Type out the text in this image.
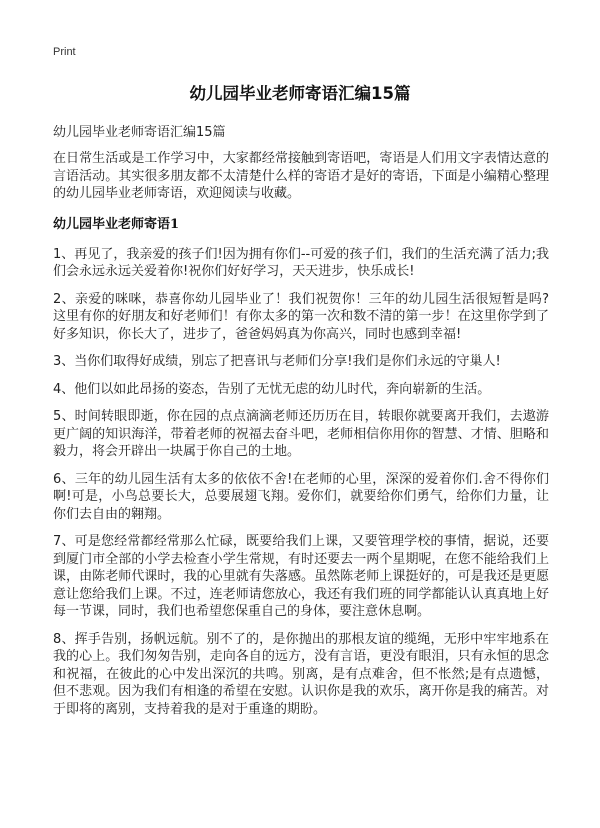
Print
幼儿园毕业老师寄语汇编15篇

幼儿园毕业老师寄语汇编15篇

在日常生活或是工作学习中，大家都经常接触到寄语吧，寄语是人们用文字表情达意的言语活动。其实很多朋友都不太清楚什么样的寄语才是好的寄语，下面是小编精心整理的幼儿园毕业老师寄语，欢迎阅读与收藏。

幼儿园毕业老师寄语1

1、再见了，我亲爱的孩子们!因为拥有你们--可爱的孩子们，我们的生活充满了活力;我们会永远永远关爱着你!祝你们好好学习，天天进步，快乐成长!

2、亲爱的咪咪，恭喜你幼儿园毕业了！我们祝贺你！三年的幼儿园生活很短暂是吗?这里有你的好朋友和好老师们！有你太多的第一次和数不清的第一步！在这里你学到了好多知识，你长大了，进步了，爸爸妈妈真为你高兴，同时也感到幸福!

3、当你们取得好成绩，别忘了把喜讯与老师们分享!我们是你们永远的守巢人!

4、他们以如此昂扬的姿态，告别了无忧无虑的幼儿时代，奔向崭新的生活。

5、时间转眼即逝，你在园的点点滴滴老师还历历在目，转眼你就要离开我们，去遨游更广阔的知识海洋，带着老师的祝福去奋斗吧，老师相信你用你的智慧、才情、胆略和毅力，将会开辟出一块属于你自己的土地。

6、三年的幼儿园生活有太多的依依不舍!在老师的心里，深深的爱着你们.舍不得你们啊!可是，小鸟总要长大，总要展翅飞翔。爱你们，就要给你们勇气，给你们力量，让你们去自由的翱翔。

7、可是您经常都经常那么忙碌，既要给我们上课，又要管理学校的事情，据说，还要到厦门市全部的小学去检查小学生常规，有时还要去一两个星期呢，在您不能给我们上课，由陈老师代课时，我的心里就有失落感。虽然陈老师上课挺好的，可是我还是更愿意让您给我们上课。不过，连老师请您放心，我还有我们班的同学都能认认真真地上好每一节课，同时，我们也希望您保重自己的身体，要注意休息啊。

8、挥手告别，扬帆远航。别不了的，是你抛出的那根友谊的缆绳，无形中牢牢地系在我的心上。我们匆匆告别，走向各自的远方，没有言语，更没有眼泪，只有永恒的思念和祝福，在彼此的心中发出深沉的共鸣。别离，是有点难舍，但不怅然;是有点遗憾，但不悲观。因为我们有相逢的希望在安慰。认识你是我的欢乐，离开你是我的痛苦。对于即将的离别，支持着我的是对于重逢的期盼。
